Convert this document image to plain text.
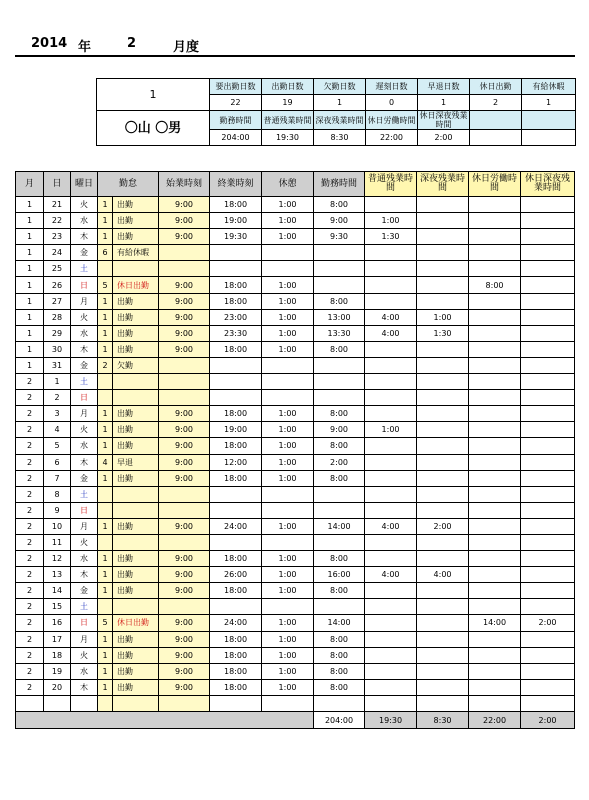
2014 年	2	月度
1	要出勤日数	出勤日数	欠勤日数	遅刻日数	早退日数	休日出勤	有給休暇
	22	19	1	0	1	2	1
〇山 〇男	勤務時間	普通残業時間	深夜残業時間	休日労働時間	休日深夜残業時間		
	204:00	19:30	8:30	22:00	2:00		
月	日	曜日	勤怠		始業時刻	終業時刻	休憩	勤務時間	普通残業時間	深夜残業時間	休日労働時間	休日深夜残業時間
1	21	火	1	出勤	9:00	18:00	1:00	8:00				
1	22	水	1	出勤	9:00	19:00	1:00	9:00	1:00			
1	23	木	1	出勤	9:00	19:30	1:00	9:30	1:30			
1	24	金	6	有給休暇								
1	25	土										
1	26	日	5	休日出勤	9:00	18:00	1:00				8:00	
1	27	月	1	出勤	9:00	18:00	1:00	8:00				
1	28	火	1	出勤	9:00	23:00	1:00	13:00	4:00	1:00		
1	29	水	1	出勤	9:00	23:30	1:00	13:30	4:00	1:30		
1	30	木	1	出勤	9:00	18:00	1:00	8:00				
1	31	金	2	欠勤								
2	1	土										
2	2	日										
2	3	月	1	出勤	9:00	18:00	1:00	8:00				
2	4	火	1	出勤	9:00	19:00	1:00	9:00	1:00			
2	5	水	1	出勤	9:00	18:00	1:00	8:00				
2	6	木	4	早退	9:00	12:00	1:00	2:00				
2	7	金	1	出勤	9:00	18:00	1:00	8:00				
2	8	土										
2	9	日										
2	10	月	1	出勤	9:00	24:00	1:00	14:00	4:00	2:00		
2	11	火										
2	12	水	1	出勤	9:00	18:00	1:00	8:00				
2	13	木	1	出勤	9:00	26:00	1:00	16:00	4:00	4:00		
2	14	金	1	出勤	9:00	18:00	1:00	8:00				
2	15	土										
2	16	日	5	休日出勤	9:00	24:00	1:00	14:00			14:00	2:00
2	17	月	1	出勤	9:00	18:00	1:00	8:00				
2	18	火	1	出勤	9:00	18:00	1:00	8:00				
2	19	水	1	出勤	9:00	18:00	1:00	8:00				
2	20	木	1	出勤	9:00	18:00	1:00	8:00				

								204:00	19:30	8:30	22:00	2:00
